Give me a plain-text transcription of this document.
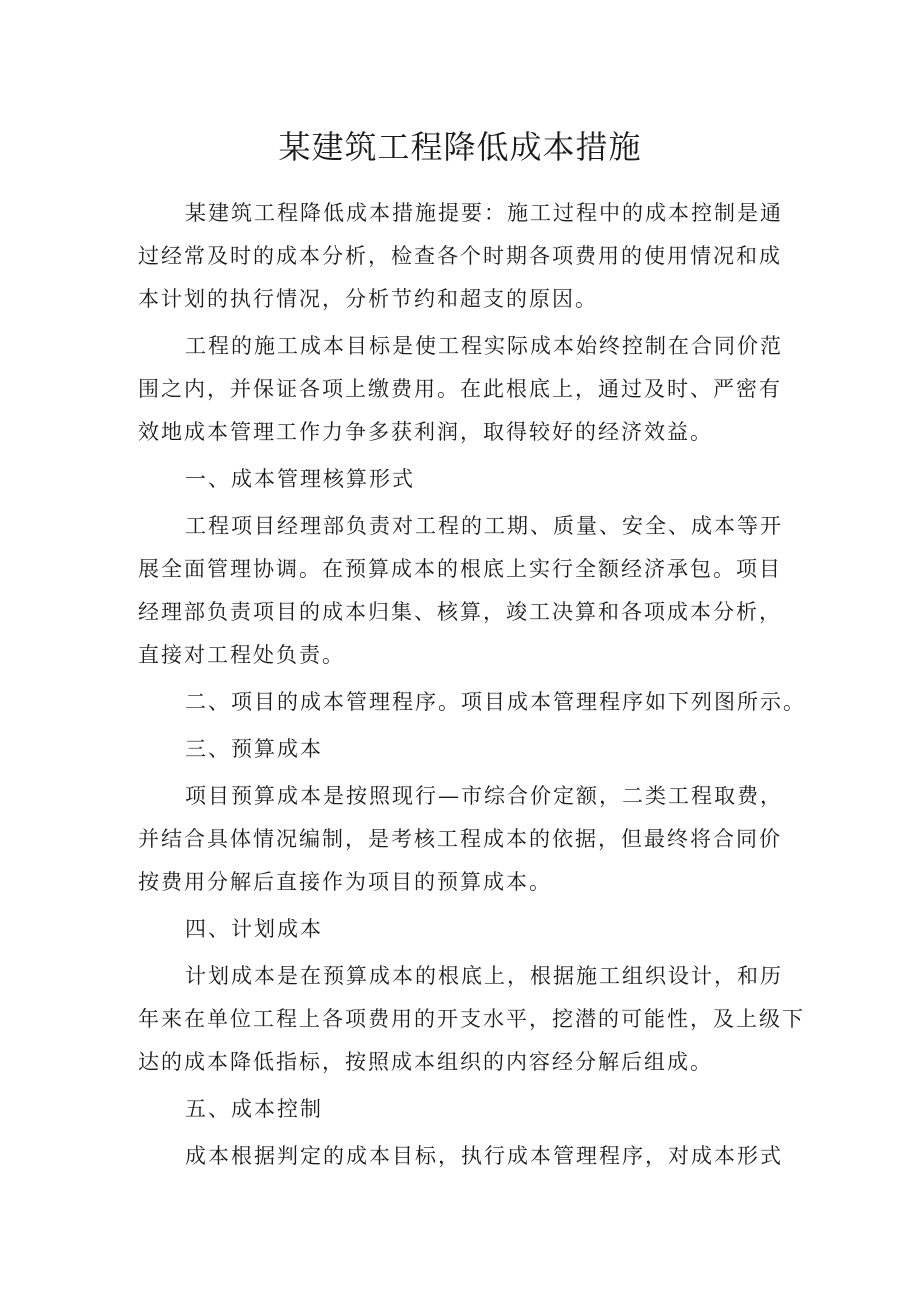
某建筑工程降低成本措施
某建筑工程降低成本措施提要：施工过程中的成本控制是通
过经常及时的成本分析，检查各个时期各项费用的使用情况和成
本计划的执行情况，分析节约和超支的原因。
工程的施工成本目标是使工程实际成本始终控制在合同价范
围之内，并保证各项上缴费用。在此根底上，通过及时、严密有
效地成本管理工作力争多获利润，取得较好的经济效益。
一、成本管理核算形式
工程项目经理部负责对工程的工期、质量、安全、成本等开
展全面管理协调。在预算成本的根底上实行全额经济承包。项目
经理部负责项目的成本归集、核算，竣工决算和各项成本分析，
直接对工程处负责。
二、项目的成本管理程序。项目成本管理程序如下列图所示。
三、预算成本
项目预算成本是按照现行—市综合价定额，二类工程取费，
并结合具体情况编制，是考核工程成本的依据，但最终将合同价
按费用分解后直接作为项目的预算成本。
四、计划成本
计划成本是在预算成本的根底上，根据施工组织设计，和历
年来在单位工程上各项费用的开支水平，挖潜的可能性，及上级下
达的成本降低指标，按照成本组织的内容经分解后组成。
五、成本控制
成本根据判定的成本目标，执行成本管理程序，对成本形式
